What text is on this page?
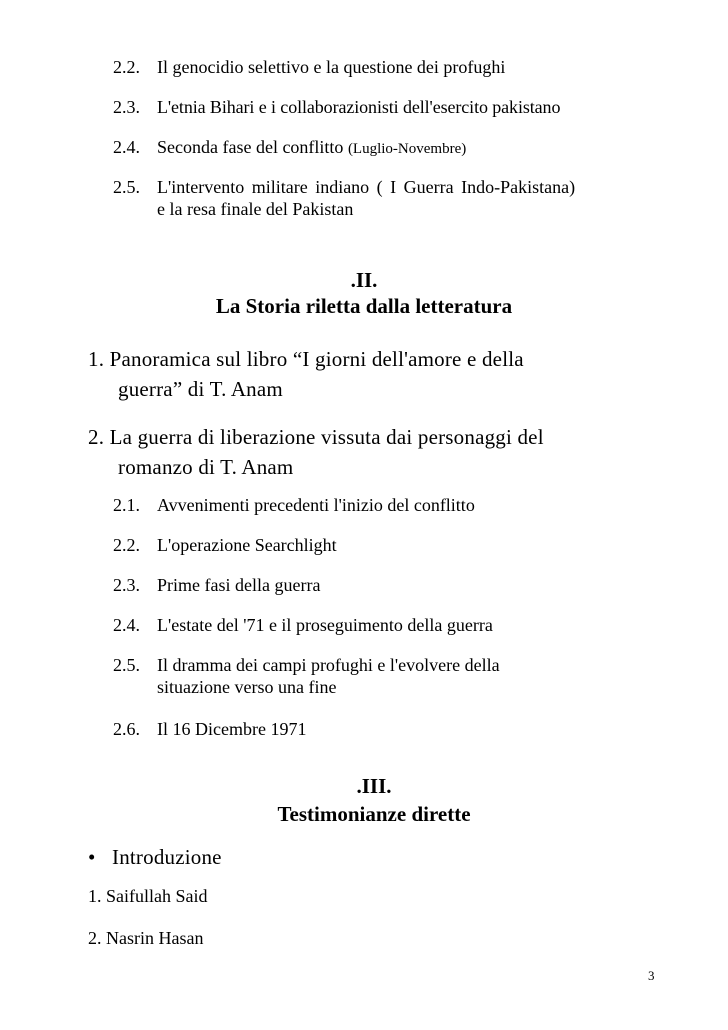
2.2. Il genocidio selettivo e la questione dei profughi
2.3. L'etnia Bihari e i collaborazionisti dell'esercito pakistano
2.4. Seconda fase del conflitto (Luglio-Novembre)
2.5. L'intervento militare indiano ( I Guerra Indo-Pakistana)
e la resa finale del Pakistan
.II.
La Storia riletta dalla letteratura
1. Panoramica sul libro “I giorni dell'amore e della
guerra” di T. Anam
2. La guerra di liberazione vissuta dai personaggi del
romanzo di T. Anam
2.1. Avvenimenti precedenti l'inizio del conflitto
2.2. L'operazione Searchlight
2.3. Prime fasi della guerra
2.4. L'estate del '71 e il proseguimento della guerra
2.5. Il dramma dei campi profughi e l'evolvere della
situazione verso una fine
2.6. Il 16 Dicembre 1971
.III.
Testimonianze dirette
• Introduzione
1. Saifullah Said
2. Nasrin Hasan
3
